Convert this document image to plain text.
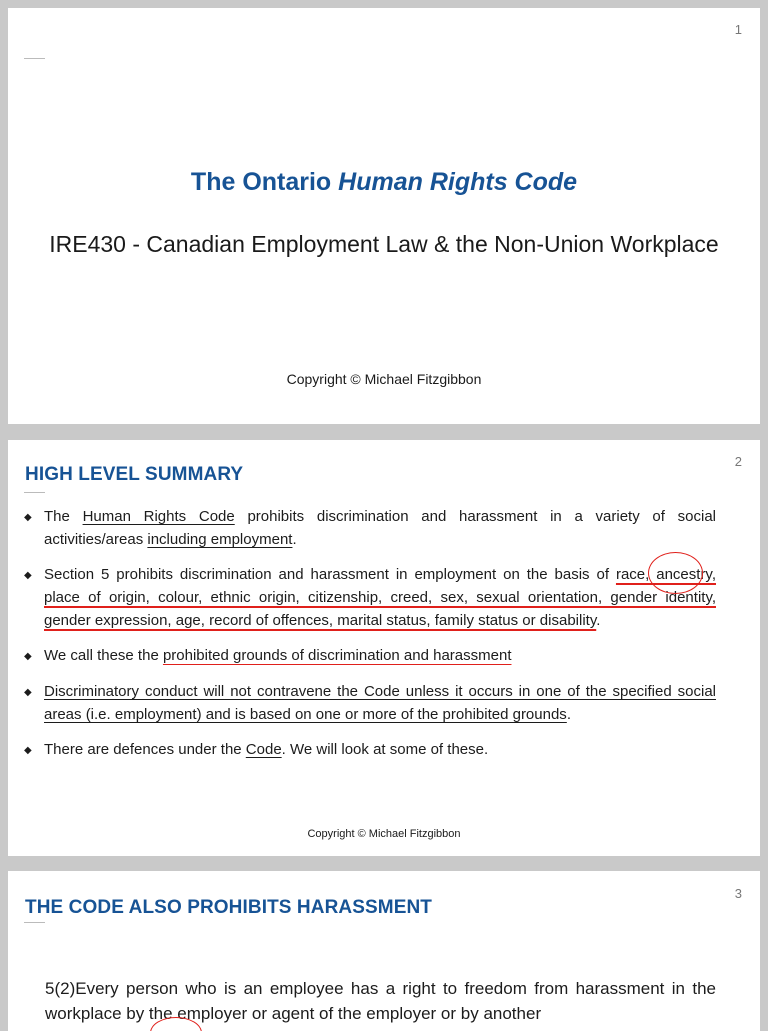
1
The Ontario Human Rights Code
IRE430 - Canadian Employment Law & the Non-Union Workplace
Copyright © Michael Fitzgibbon
2
HIGH LEVEL SUMMARY
◆ The Human Rights Code prohibits discrimination and harassment in a variety of social activities/areas including employment.
◆ Section 5 prohibits discrimination and harassment in employment on the basis of race, ancestry, place of origin, colour, ethnic origin, citizenship, creed, sex, sexual orientation, gender identity, gender expression, age, record of offences, marital status, family status or disability.
◆ We call these the prohibited grounds of discrimination and harassment
◆ Discriminatory conduct will not contravene the Code unless it occurs in one of the specified social areas (i.e. employment) and is based on one or more of the prohibited grounds.
◆ There are defences under the Code. We will look at some of these.
Copyright © Michael Fitzgibbon
3
THE CODE ALSO PROHIBITS HARASSMENT
5(2)Every person who is an employee has a right to freedom from harassment in the workplace by the employer or agent of the employer or by another
